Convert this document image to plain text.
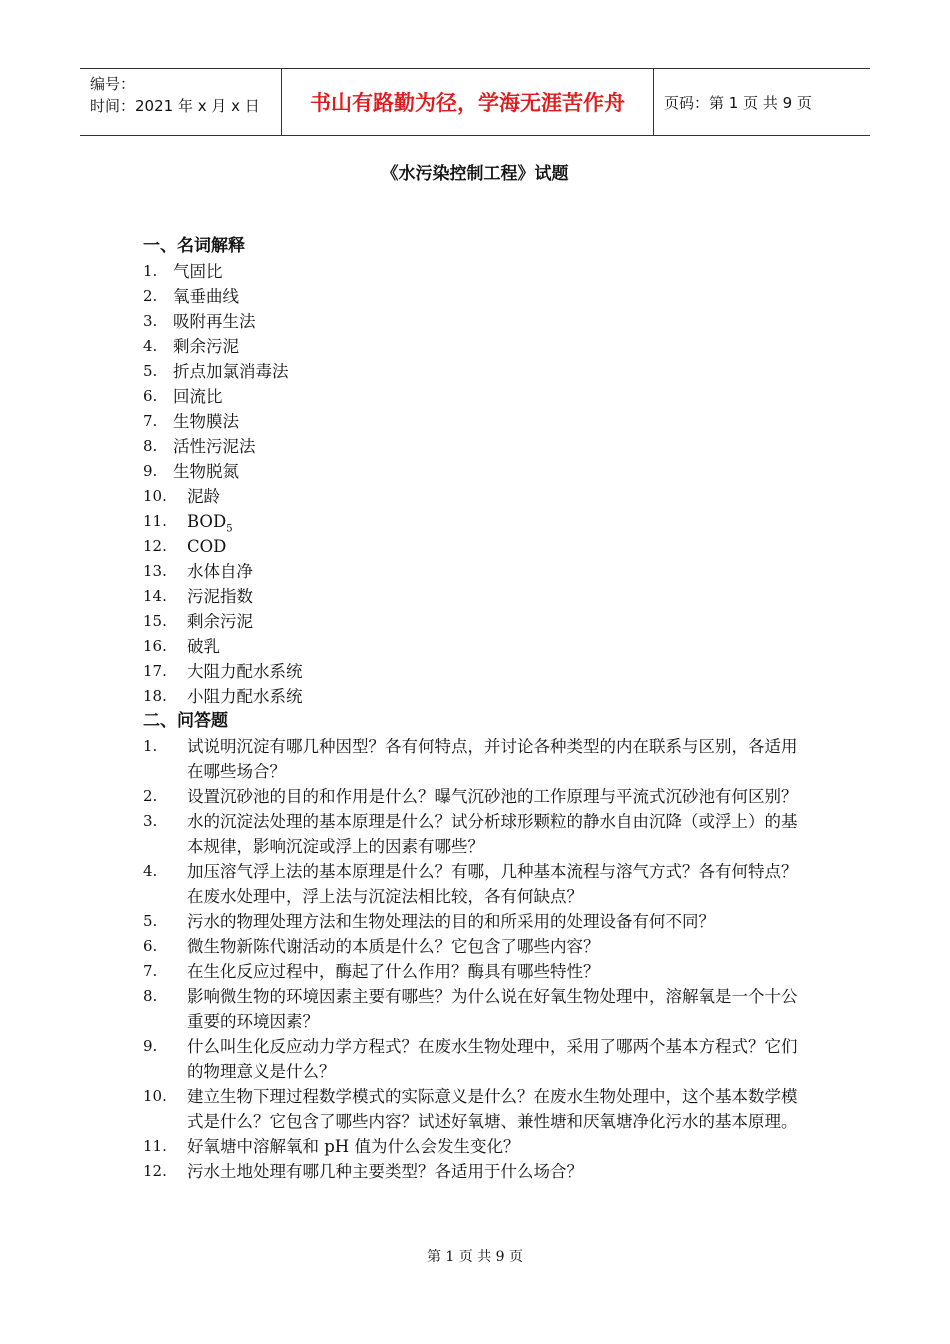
编号：
时间：2021 年 x 月 x 日	书山有路勤为径，学海无涯苦作舟	页码：第 1 页 共 9 页
《水污染控制工程》试题
一、名词解释
1. 气固比
2. 氧垂曲线
3. 吸附再生法
4. 剩余污泥
5. 折点加氯消毒法
6. 回流比
7. 生物膜法
8. 活性污泥法
9. 生物脱氮
10.	泥龄
11.	$BOD_5$
12.	COD
13.	水体自净
14.	污泥指数
15.	剩余污泥
16.	破乳
17.	大阻力配水系统
18.	小阻力配水系统
二、问答题
1.	试说明沉淀有哪几种因型？各有何特点，并讨论各种类型的内在联系与区别，各适用在哪些场合？
2.	设置沉砂池的目的和作用是什么？曝气沉砂池的工作原理与平流式沉砂池有何区别？
3.	水的沉淀法处理的基本原理是什么？试分析球形颗粒的静水自由沉降（或浮上）的基本规律，影响沉淀或浮上的因素有哪些？
4.	加压溶气浮上法的基本原理是什么？有哪，几种基本流程与溶气方式？各有何特点？在废水处理中，浮上法与沉淀法相比较，各有何缺点？
5.	污水的物理处理方法和生物处理法的目的和所采用的处理设备有何不同？
6.	微生物新陈代谢活动的本质是什么？它包含了哪些内容？
7.	在生化反应过程中，酶起了什么作用？酶具有哪些特性？
8.	影响微生物的环境因素主要有哪些？为什么说在好氧生物处理中，溶解氧是一个十公重要的环境因素？
9.	什么叫生化反应动力学方程式？在废水生物处理中，采用了哪两个基本方程式？它们的物理意义是什么？
10.	建立生物下理过程数学模式的实际意义是什么？在废水生物处理中，这个基本数学模式是什么？它包含了哪些内容？试述好氧塘、兼性塘和厌氧塘净化污水的基本原理。
11.	好氧塘中溶解氧和 pH 值为什么会发生变化？
12.	污水土地处理有哪几种主要类型？各适用于什么场合？
第 1 页 共 9 页
